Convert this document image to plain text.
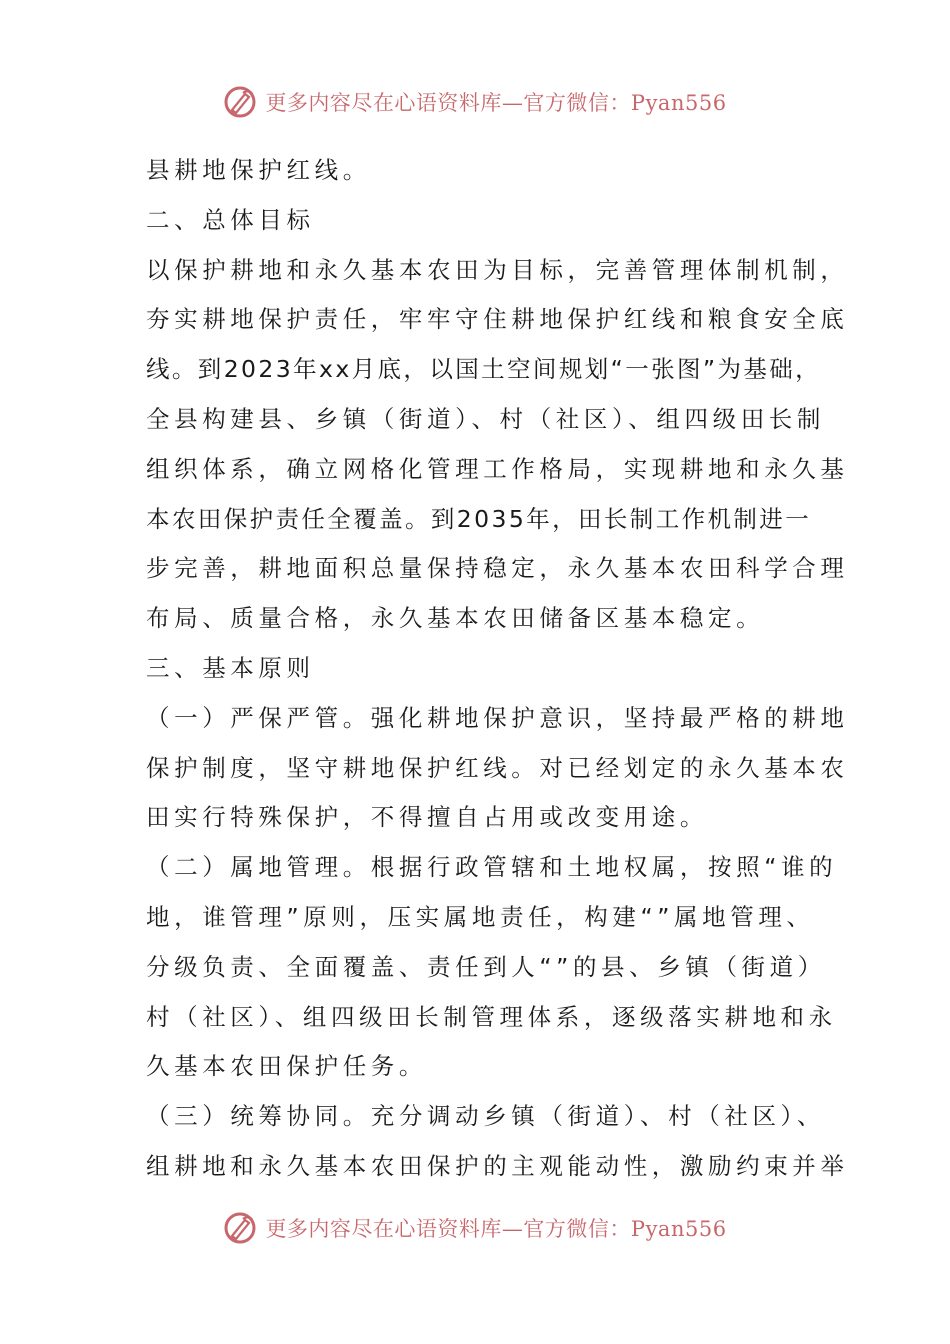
更多内容尽在心语资料库—官方微信：Pyan556
县耕地保护红线。
二、总体目标
以保护耕地和永久基本农田为目标，完善管理体制机制，
夯实耕地保护责任，牢牢守住耕地保护红线和粮食安全底
线。到2023年xx月底，以国土空间规划“一张图”为基础，
全县构建县、乡镇（街道）、村（社区）、组四级田长制
组织体系，确立网格化管理工作格局，实现耕地和永久基
本农田保护责任全覆盖。到2035年，田长制工作机制进一
步完善，耕地面积总量保持稳定，永久基本农田科学合理
布局、质量合格，永久基本农田储备区基本稳定。
三、基本原则
（一）严保严管。强化耕地保护意识，坚持最严格的耕地
保护制度，坚守耕地保护红线。对已经划定的永久基本农
田实行特殊保护，不得擅自占用或改变用途。
（二）属地管理。根据行政管辖和土地权属，按照“谁的
地，谁管理”原则，压实属地责任，构建“”属地管理、
分级负责、全面覆盖、责任到人“”的县、乡镇（街道）
村（社区）、组四级田长制管理体系，逐级落实耕地和永
久基本农田保护任务。
（三）统筹协同。充分调动乡镇（街道）、村（社区）、
组耕地和永久基本农田保护的主观能动性，激励约束并举
更多内容尽在心语资料库—官方微信：Pyan556
